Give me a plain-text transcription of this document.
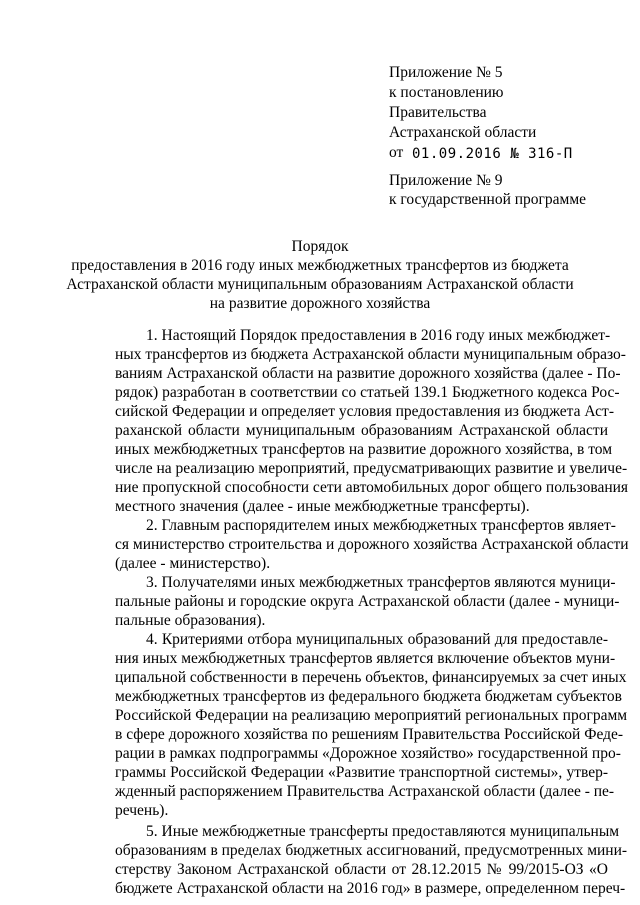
Приложение № 5
к постановлению
Правительства
Астраханской области
от 01.09.2016 № 316-П
Приложение № 9
к государственной программе
Порядок
предоставления в 2016 году иных межбюджетных трансфертов из бюджета
Астраханской области муниципальным образованиям Астраханской области
на развитие дорожного хозяйства
1. Настоящий Порядок предоставления в 2016 году иных межбюджет-
ных трансфертов из бюджета Астраханской области муниципальным образо-
ваниям Астраханской области на развитие дорожного хозяйства (далее - По-
рядок) разработан в соответствии со статьей 139.1 Бюджетного кодекса Рос-
сийской Федерации и определяет условия предоставления из бюджета Аст-
раханской области муниципальным образованиям Астраханской области
иных межбюджетных трансфертов на развитие дорожного хозяйства, в том
числе на реализацию мероприятий, предусматривающих развитие и увеличе-
ние пропускной способности сети автомобильных дорог общего пользования
местного значения (далее - иные межбюджетные трансферты).
2. Главным распорядителем иных межбюджетных трансфертов являет-
ся министерство строительства и дорожного хозяйства Астраханской области
(далее - министерство).
3. Получателями иных межбюджетных трансфертов являются муници-
пальные районы и городские округа Астраханской области (далее - муници-
пальные образования).
4. Критериями отбора муниципальных образований для предоставле-
ния иных межбюджетных трансфертов является включение объектов муни-
ципальной собственности в перечень объектов, финансируемых за счет иных
межбюджетных трансфертов из федерального бюджета бюджетам субъектов
Российской Федерации на реализацию мероприятий региональных программ
в сфере дорожного хозяйства по решениям Правительства Российской Феде-
рации в рамках подпрограммы «Дорожное хозяйство» государственной про-
граммы Российской Федерации «Развитие транспортной системы», утвер-
жденный распоряжением Правительства Астраханской области (далее - пе-
речень).
5. Иные межбюджетные трансферты предоставляются муниципальным
образованиям в пределах бюджетных ассигнований, предусмотренных мини-
стерству Законом Астраханской области от 28.12.2015 № 99/2015-ОЗ «О
бюджете Астраханской области на 2016 год» в размере, определенном переч-
